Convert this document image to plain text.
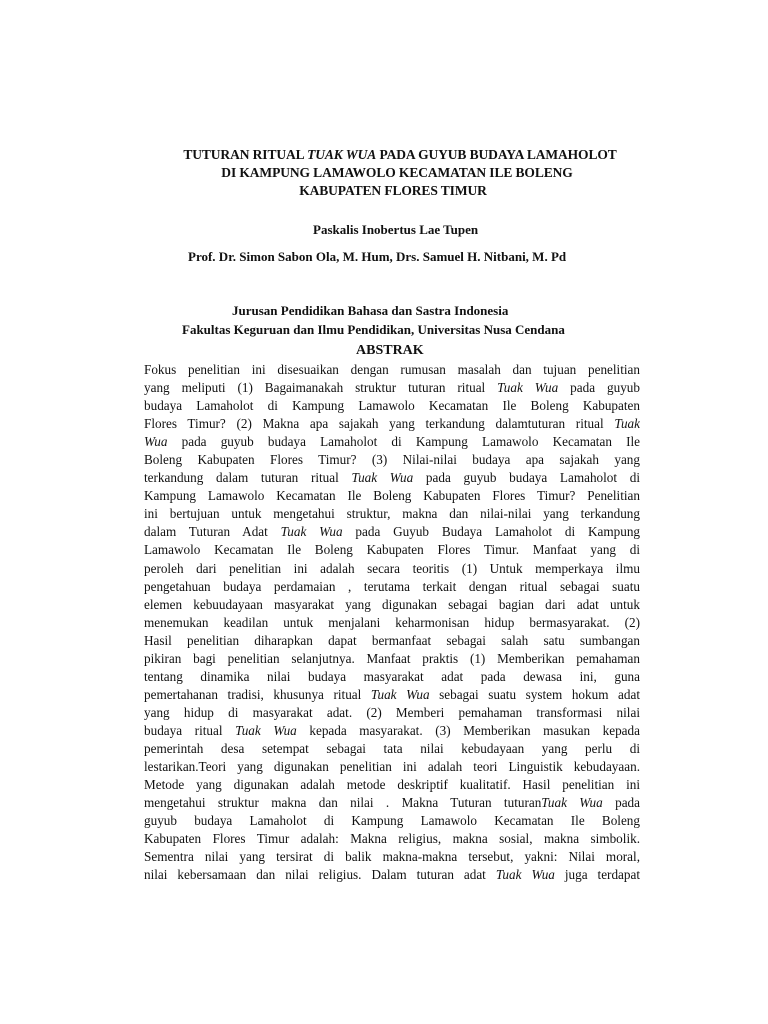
TUTURAN RITUAL TUAK WUA PADA GUYUB BUDAYA LAMAHOLOT
DI KAMPUNG LAMAWOLO KECAMATAN ILE BOLENG
KABUPATEN FLORES TIMUR
Paskalis Inobertus Lae Tupen
Prof. Dr. Simon Sabon Ola, M. Hum, Drs. Samuel H. Nitbani, M. Pd
Jurusan Pendidikan Bahasa dan Sastra Indonesia
Fakultas Keguruan dan Ilmu Pendidikan, Universitas Nusa Cendana
ABSTRAK
Fokus penelitian ini disesuaikan dengan rumusan masalah dan tujuan penelitian
yang meliputi (1) Bagaimanakah struktur tuturan ritual Tuak Wua pada guyub
budaya Lamaholot di Kampung Lamawolo Kecamatan Ile Boleng Kabupaten
Flores Timur? (2) Makna apa sajakah yang terkandung dalamtuturan ritual Tuak
Wua pada guyub budaya Lamaholot di Kampung Lamawolo Kecamatan Ile
Boleng Kabupaten Flores Timur? (3) Nilai-nilai budaya apa sajakah yang
terkandung dalam tuturan ritual Tuak Wua pada guyub budaya Lamaholot di
Kampung Lamawolo Kecamatan Ile Boleng Kabupaten Flores Timur? Penelitian
ini bertujuan untuk mengetahui struktur, makna dan nilai-nilai yang terkandung
dalam Tuturan Adat Tuak Wua pada Guyub Budaya Lamaholot di Kampung
Lamawolo Kecamatan Ile Boleng Kabupaten Flores Timur. Manfaat yang di
peroleh dari penelitian ini adalah secara teoritis (1) Untuk memperkaya ilmu
pengetahuan budaya perdamaian , terutama terkait dengan ritual sebagai suatu
elemen kebuudayaan masyarakat yang digunakan sebagai bagian dari adat untuk
menemukan keadilan untuk menjalani keharmonisan hidup bermasyarakat. (2)
Hasil penelitian diharapkan dapat bermanfaat sebagai salah satu sumbangan
pikiran bagi penelitian selanjutnya. Manfaat praktis (1) Memberikan pemahaman
tentang dinamika nilai budaya masyarakat adat pada dewasa ini, guna
pemertahanan tradisi, khusunya ritual Tuak Wua sebagai suatu system hokum adat
yang hidup di masyarakat adat. (2) Memberi pemahaman transformasi nilai
budaya ritual Tuak Wua kepada masyarakat. (3) Memberikan masukan kepada
pemerintah desa setempat sebagai tata nilai kebudayaan yang perlu di
lestarikan.Teori yang digunakan penelitian ini adalah teori Linguistik kebudayaan.
Metode yang digunakan adalah metode deskriptif kualitatif. Hasil penelitian ini
mengetahui struktur makna dan nilai . Makna Tuturan tuturanTuak Wua pada
guyub budaya Lamaholot di Kampung Lamawolo Kecamatan Ile Boleng
Kabupaten Flores Timur adalah: Makna religius, makna sosial, makna simbolik.
Sementra nilai yang tersirat di balik makna-makna tersebut, yakni: Nilai moral,
nilai kebersamaan dan nilai religius. Dalam tuturan adat Tuak Wua juga terdapat
